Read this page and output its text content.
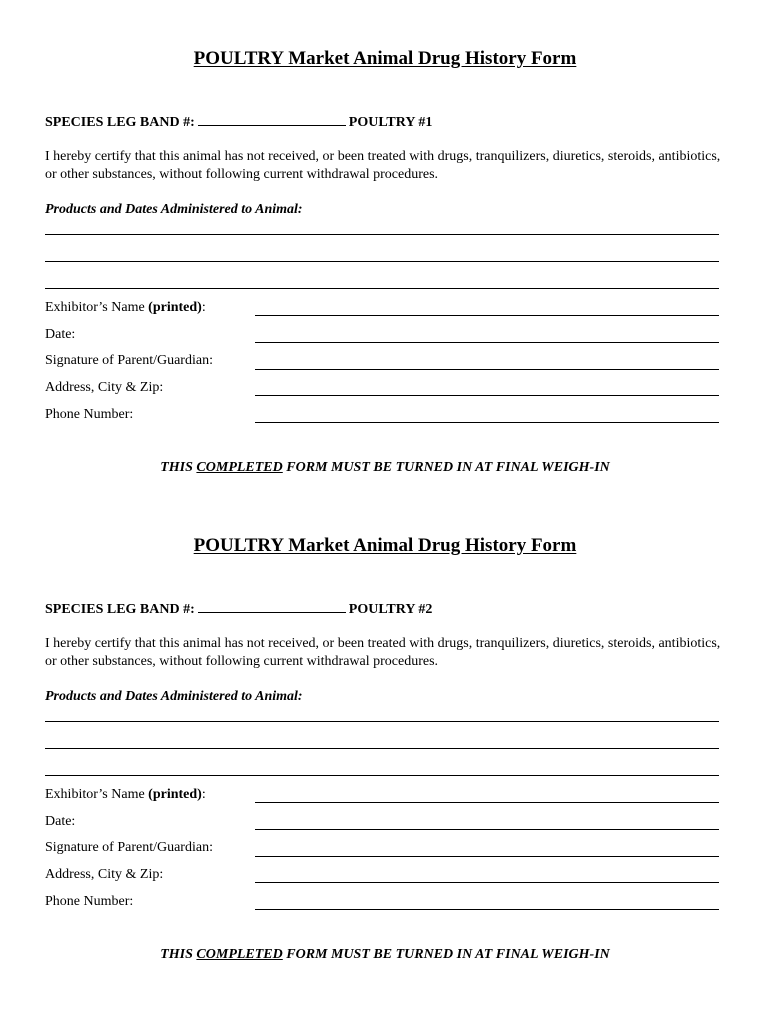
POULTRY Market Animal Drug History Form
SPECIES LEG BAND #:	POULTRY #1
I hereby certify that this animal has not received, or been treated with drugs, tranquilizers, diuretics, steroids, antibiotics, or other substances, without following current withdrawal procedures.
Products and Dates Administered to Animal:
Exhibitor’s Name (printed):
Date:
Signature of Parent/Guardian:
Address, City & Zip:
Phone Number:
THIS COMPLETED FORM MUST BE TURNED IN AT FINAL WEIGH-IN
POULTRY Market Animal Drug History Form
SPECIES LEG BAND #:	POULTRY #2
I hereby certify that this animal has not received, or been treated with drugs, tranquilizers, diuretics, steroids, antibiotics, or other substances, without following current withdrawal procedures.
Products and Dates Administered to Animal:
Exhibitor’s Name (printed):
Date:
Signature of Parent/Guardian:
Address, City & Zip:
Phone Number:
THIS COMPLETED FORM MUST BE TURNED IN AT FINAL WEIGH-IN
